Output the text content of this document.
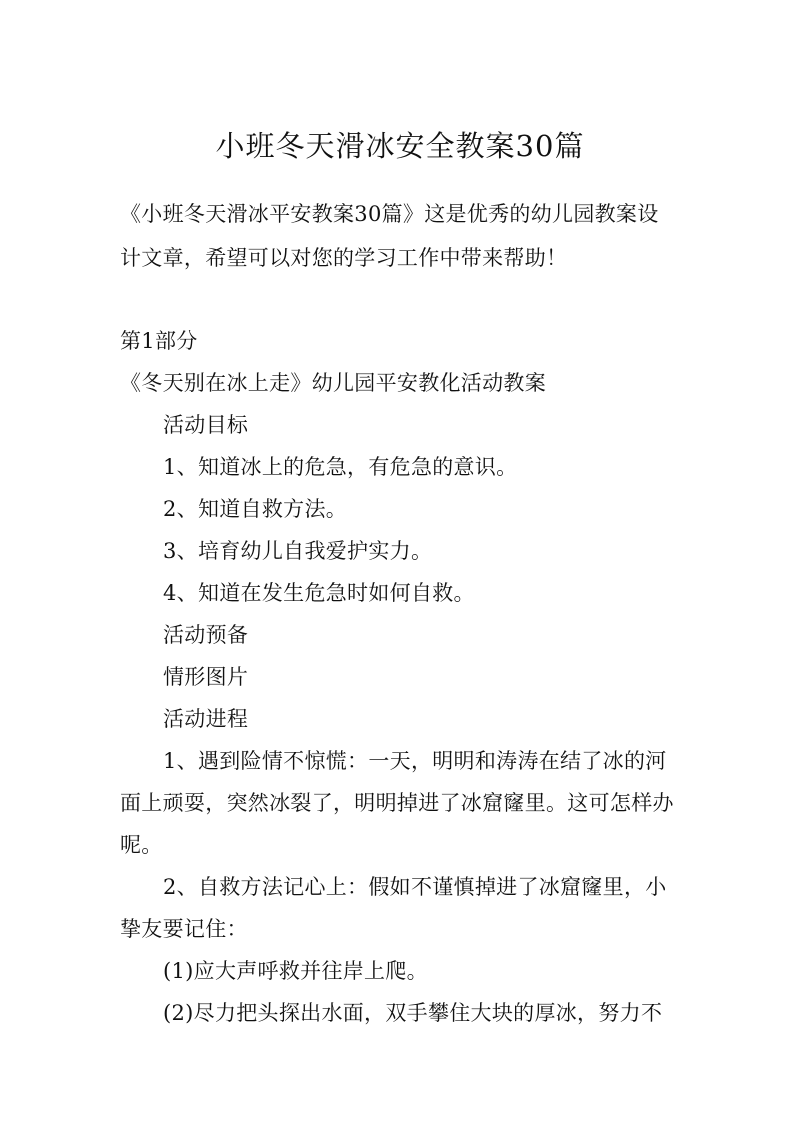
小班冬天滑冰安全教案30篇
《小班冬天滑冰平安教案30篇》这是优秀的幼儿园教案设
计文章，希望可以对您的学习工作中带来帮助！
第1部分
《冬天别在冰上走》幼儿园平安教化活动教案
活动目标
1、知道冰上的危急，有危急的意识。
2、知道自救方法。
3、培育幼儿自我爱护实力。
4、知道在发生危急时如何自救。
活动预备
情形图片
活动进程
1、遇到险情不惊慌：一天，明明和涛涛在结了冰的河
面上顽耍，突然冰裂了，明明掉进了冰窟窿里。这可怎样办
呢。
2、自救方法记心上：假如不谨慎掉进了冰窟窿里，小
挚友要记住：
(1)应大声呼救并往岸上爬。
(2)尽力把头探出水面，双手攀住大块的厚冰，努力不
